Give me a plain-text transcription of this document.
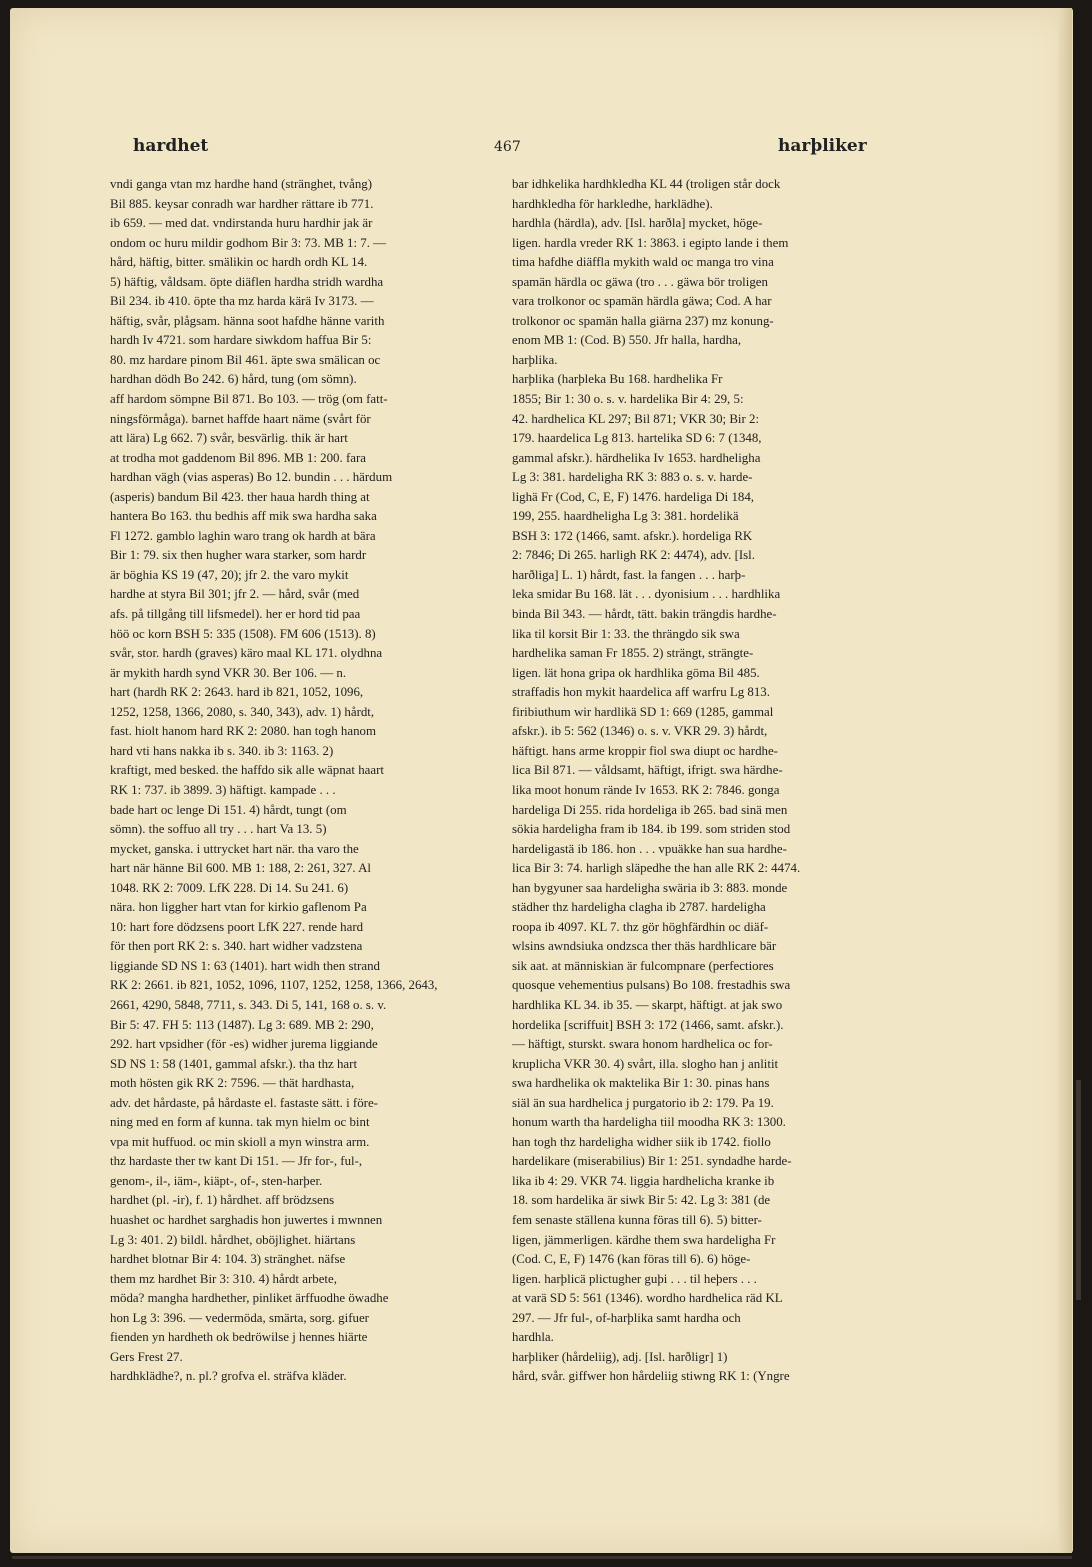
hardhet	467	harþliker
vndi ganga vtan mz hardhe hand (stränghet, tvång)
Bil 885. keysar conradh war hardher rättare ib 771.
ib 659. — med dat. vndirstanda huru hardhir jak är
ondom oc huru mildir godhom Bir 3: 73. MB 1: 7. —
hård, häftig, bitter. smälikin oc hardh ordh KL 14.
5) häftig, våldsam. öpte diäflen hardha stridh wardha
Bil 234. ib 410. öpte tha mz harda kärä Iv 3173. —
häftig, svår, plågsam. hänna soot hafdhe hänne varith
hardh Iv 4721. som hardare siwkdom haffua Bir 5:
80. mz hardare pinom Bil 461. äpte swa smälican oc
hardhan dödh Bo 242. 6) hård, tung (om sömn).
aff hardom sömpne Bil 871. Bo 103. — trög (om fatt-
ningsförmåga). barnet haffde haart näme (svårt för
att lära) Lg 662. 7) svår, besvärlig. thik är hart
at trodha mot gaddenom Bil 896. MB 1: 200. fara
hardhan vägh (vias asperas) Bo 12. bundin . . . härdum
(asperis) bandum Bil 423. ther haua hardh thing at
hantera Bo 163. thu bedhis aff mik swa hardha saka
Fl 1272. gamblo laghin waro trang ok hardh at bära
Bir 1: 79. six then hugher wara starker, som hardr
är böghia KS 19 (47, 20); jfr 2. the varo mykit
hardhe at styra Bil 301; jfr 2. — hård, svår (med
afs. på tillgång till lifsmedel). her er hord tid paa
höö oc korn BSH 5: 335 (1508). FM 606 (1513). 8)
svår, stor. hardh (graves) käro maal KL 171. olydhna
är mykith hardh synd VKR 30. Ber 106. — n.
hart (hardh RK 2: 2643. hard ib 821, 1052, 1096,
1252, 1258, 1366, 2080, s. 340, 343), adv. 1) hårdt,
fast. hiolt hanom hard RK 2: 2080. han togh hanom
hard vti hans nakka ib s. 340. ib 3: 1163. 2)
kraftigt, med besked. the haffdo sik alle wäpnat haart
RK 1: 737. ib 3899. 3) häftigt. kampade . . .
bade hart oc lenge Di 151. 4) hårdt, tungt (om
sömn). the soffuo all try . . . hart Va 13. 5)
mycket, ganska. i uttrycket hart när. tha varo the
hart när hänne Bil 600. MB 1: 188, 2: 261, 327. Al
1048. RK 2: 7009. LfK 228. Di 14. Su 241. 6)
nära. hon liggher hart vtan for kirkio gaflenom Pa
10: hart fore dödzsens poort LfK 227. rende hard
för then port RK 2: s. 340. hart widher vadzstena
liggiande SD NS 1: 63 (1401). hart widh then strand
RK 2: 2661. ib 821, 1052, 1096, 1107, 1252, 1258, 1366, 2643,
2661, 4290, 5848, 7711, s. 343. Di 5, 141, 168 o. s. v.
Bir 5: 47. FH 5: 113 (1487). Lg 3: 689. MB 2: 290,
292. hart vpsidher (för -es) widher jurema liggiande
SD NS 1: 58 (1401, gammal afskr.). tha thz hart
moth hösten gik RK 2: 7596. — thät hardhasta,
adv. det hårdaste, på hårdaste el. fastaste sätt. i före-
ning med en form af kunna. tak myn hielm oc bint
vpa mit huffuod. oc min skioll a myn winstra arm.
thz hardaste ther tw kant Di 151. — Jfr for-, ful-,
genom-, il-, iäm-, kiäpt-, of-, sten-harþer.
hardhet (pl. -ir), f. 1) hårdhet. aff brödzsens
huashet oc hardhet sarghadis hon juwertes i mwnnen
Lg 3: 401. 2) bildl. hårdhet, oböjlighet. hiärtans
hardhet blotnar Bir 4: 104. 3) stränghet. näfse
them mz hardhet Bir 3: 310. 4) hårdt arbete,
möda? mangha hardhether, pinliket ärffuodhe öwadhe
hon Lg 3: 396. — vedermöda, smärta, sorg. gifuer
fienden yn hardheth ok bedröwilse j hennes hiärte
Gers Frest 27.
hardhklädhe?, n. pl.? grofva el. sträfva kläder.
bar idhkelika hardhkledha KL 44 (troligen står dock
hardhkledha för harkledhe, harklädhe).
hardhla (härdla), adv. [Isl. harðla] mycket, höge-
ligen. hardla vreder RK 1: 3863. i egipto lande i them
tima hafdhe diäffla mykith wald oc manga tro vina
spamän härdla oc gäwa (tro . . . gäwa bör troligen
vara trolkonor oc spamän härdla gäwa; Cod. A har
trolkonor oc spamän halla giärna 237) mz konung-
enom MB 1: (Cod. B) 550. Jfr halla, hardha,
harþlika.
harþlika (harþleka Bu 168. hardhelika Fr
1855; Bir 1: 30 o. s. v. hardelika Bir 4: 29, 5:
42. hardhelica KL 297; Bil 871; VKR 30; Bir 2:
179. haardelica Lg 813. hartelika SD 6: 7 (1348,
gammal afskr.). härdhelika Iv 1653. hardheligha
Lg 3: 381. hardeligha RK 3: 883 o. s. v. harde-
lighä Fr (Cod, C, E, F) 1476. hardeliga Di 184,
199, 255. haardheligha Lg 3: 381. hordelikä
BSH 3: 172 (1466, samt. afskr.). hordeliga RK
2: 7846; Di 265. harligh RK 2: 4474), adv. [Isl.
harðliga] L. 1) hårdt, fast. la fangen . . . harþ-
leka smidar Bu 168. lät . . . dyonisium . . . hardhlika
binda Bil 343. — hårdt, tätt. bakin trängdis hardhe-
lika til korsit Bir 1: 33. the thrängdo sik swa
hardhelika saman Fr 1855. 2) strängt, strängte-
ligen. lät hona gripa ok hardhlika göma Bil 485.
straffadis hon mykit haardelica aff warfru Lg 813.
firibiuthum wir hardlikä SD 1: 669 (1285, gammal
afskr.). ib 5: 562 (1346) o. s. v. VKR 29. 3) hårdt,
häftigt. hans arme kroppir fiol swa diupt oc hardhe-
lica Bil 871. — våldsamt, häftigt, ifrigt. swa härdhe-
lika moot honum rände Iv 1653. RK 2: 7846. gonga
hardeliga Di 255. rida hordeliga ib 265. bad sinä men
sökia hardeligha fram ib 184. ib 199. som striden stod
hardeligastä ib 186. hon . . . vpuäkke han sua hardhe-
lica Bir 3: 74. harligh släpedhe the han alle RK 2: 4474.
han bygyuner saa hardeligha swäria ib 3: 883. monde
städher thz hardeligha clagha ib 2787. hardeligha
roopa ib 4097. KL 7. thz gör höghfärdhin oc diäf-
wlsins awndsiuka ondzsca ther thäs hardhlicare bär
sik aat. at människian är fulcompnare (perfectiores
quosque vehementius pulsans) Bo 108. frestadhis swa
hardhlika KL 34. ib 35. — skarpt, häftigt. at jak swo
hordelika [scriffuit] BSH 3: 172 (1466, samt. afskr.).
— häftigt, sturskt. swara honom hardhelica oc for-
kruplicha VKR 30. 4) svårt, illa. slogho han j anlitit
swa hardhelika ok maktelika Bir 1: 30. pinas hans
siäl än sua hardhelica j purgatorio ib 2: 179. Pa 19.
honum warth tha hardeligha tiil moodha RK 3: 1300.
han togh thz hardeligha widher siik ib 1742. fiollo
hardelikare (miserabilius) Bir 1: 251. syndadhe harde-
lika ib 4: 29. VKR 74. liggia hardhelicha kranke ib
18. som hardelika är siwk Bir 5: 42. Lg 3: 381 (de
fem senaste ställena kunna föras till 6). 5) bitter-
ligen, jämmerligen. kärdhe them swa hardeligha Fr
(Cod. C, E, F) 1476 (kan föras till 6). 6) höge-
ligen. harþlicä plictugher guþi . . . til heþers . . .
at varä SD 5: 561 (1346). wordho hardhelica räd KL
297. — Jfr ful-, of-harþlika samt hardha och
hardhla.
harþliker (hårdeliig), adj. [Isl. harðligr] 1)
hård, svår. giffwer hon hårdeliig stiwng RK 1: (Yngre
